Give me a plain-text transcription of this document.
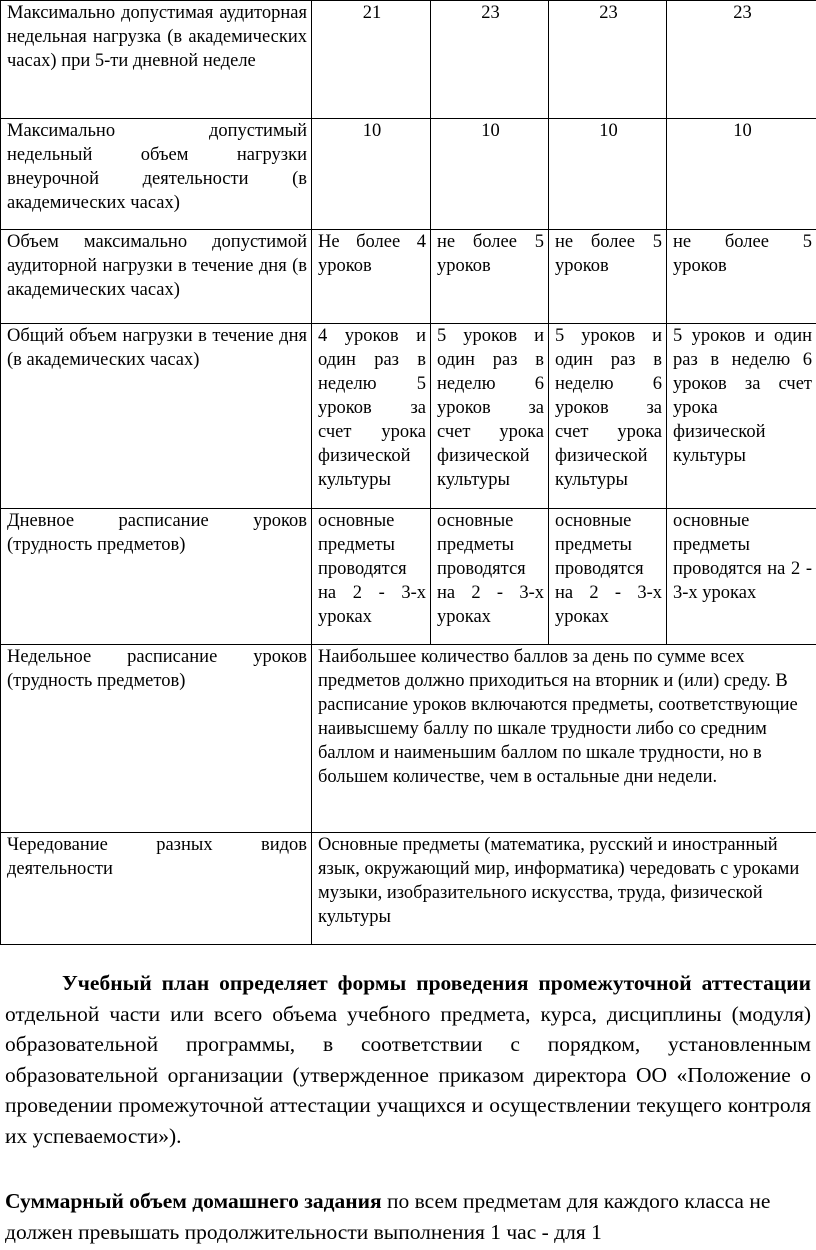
Максимально допустимая аудиторная недельная нагрузка (в академических часах) при 5-ти дневной неделе	21	23	23	23
Максимально допустимый недельный объем нагрузки внеурочной деятельности (в академических часах)	10	10	10	10
Объем максимально допустимой аудиторной нагрузки в течение дня (в академических часах)	Не более 4 уроков	не более 5 уроков	не более 5 уроков	не более 5 уроков
Общий объем нагрузки в течение дня (в академических часах)	4 уроков и один раз в неделю 5 уроков за счет урока физической культуры	5 уроков и один раз в неделю 6 уроков за счет урока физической культуры	5 уроков и один раз в неделю 6 уроков за счет урока физической культуры	5 уроков и один раз в неделю 6 уроков за счет урока физической культуры
Дневное расписание уроков (трудность предметов)	основные предметы проводятся на 2 - 3-х уроках	основные предметы проводятся на 2 - 3-х уроках	основные предметы проводятся на 2 - 3-х уроках	основные предметы проводятся на 2 - 3-х уроках
Недельное расписание уроков (трудность предметов)	Наибольшее количество баллов за день по сумме всех предметов должно приходиться на вторник и (или) среду. В расписание уроков включаются предметы, соответствующие наивысшему баллу по шкале трудности либо со средним баллом и наименьшим баллом по шкале трудности, но в большем количестве, чем в остальные дни недели.			
Чередование разных видов деятельности	Основные предметы (математика, русский и иностранный язык, окружающий мир, информатика) чередовать с уроками музыки, изобразительного искусства, труда, физической культуры			
Учебный план определяет формы проведения промежуточной аттестации отдельной части или всего объема учебного предмета, курса, дисциплины (модуля) образовательной программы, в соответствии с порядком, установленным образовательной организации (утвержденное приказом директора ОО «Положение о проведении промежуточной аттестации учащихся и осуществлении текущего контроля их успеваемости»).
Суммарный объем домашнего задания по всем предметам для каждого класса не должен превышать продолжительности выполнения 1 час - для 1
